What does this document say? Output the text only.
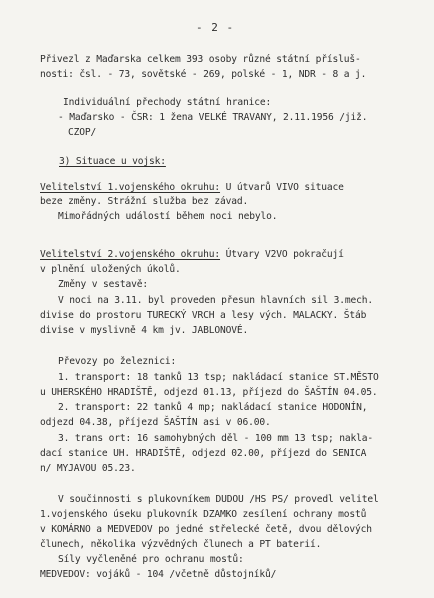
- 2 -
Přivezl z Maďarska celkem 393 osoby různé státní přísluš-
nosti: čsl. - 73, sovětské - 269, polské - 1, NDR - 8 a j.
Individuální přechody státní hranice:
- Maďarsko - ČSR: 1 žena VELKÉ TRAVANY, 2.11.1956 /již.
CZOP/
3) Situace u vojsk:
Velitelství 1.vojenského okruhu: U útvarů VIVO situace
beze změny. Strážní služba bez závad.
Mimořádných událostí během noci nebylo.
Velitelství 2.vojenského okruhu: Útvary V2VO pokračují
v plnění uložených úkolů.
Změny v sestavě:
V noci na 3.11. byl proveden přesun hlavních sil 3.mech.
divise do prostoru TURECKÝ VRCH a lesy vých. MALACKY. Štáb
divise v myslivně 4 km jv. JABLONOVÉ.
Převozy po železnici:
1. transport: 18 tanků 13 tsp; nakládací stanice ST.MĚSTO
u UHERSKÉHO HRADIŠTĚ, odjezd 01.13, příjezd do ŠAŠTÍN 04.05.
2. transport: 22 tanků 4 mp; nakládací stanice HODONÍN,
odjezd 04.38, příjezd ŠAŠTÍN asi v 06.00.
3. trans ort: 16 samohybných děl - 100 mm 13 tsp; nakla-
dací stanice UH. HRADIŠTĚ, odjezd 02.00, příjezd do SENICA
n/ MYJAVOU 05.23.
V součinnosti s plukovníkem DUDOU /HS PS/ provedl velitel
1.vojenského úseku plukovník DZAMKO zesílení ochrany mostů
v KOMÁRNO a MEDVEDOV po jedné střelecké četě, dvou dělových
člunech, několika výzvědných člunech a PT baterií.
Síly vyčleněné pro ochranu mostů:
MEDVEDOV: vojáků - 104 /včetně důstojníků/
